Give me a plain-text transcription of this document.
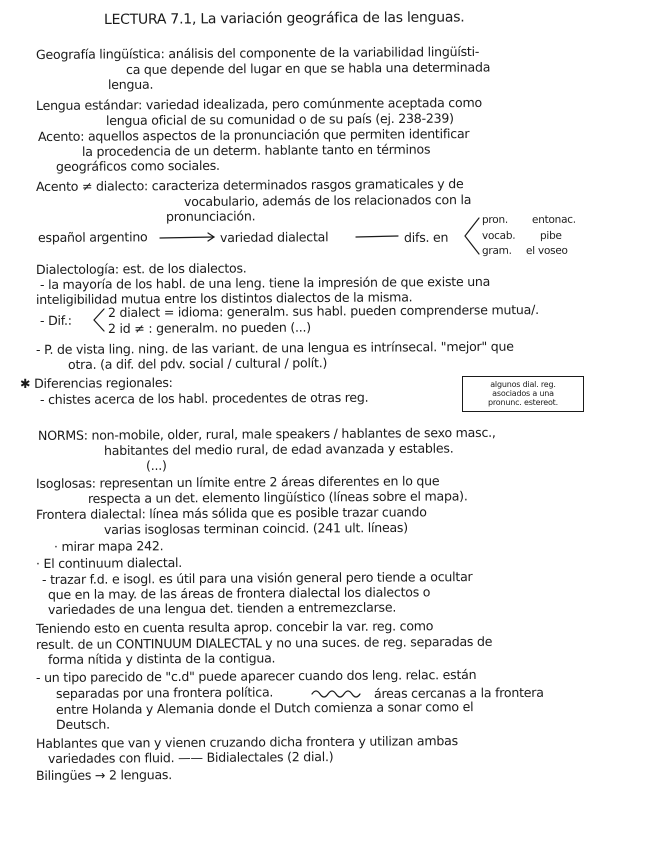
LECTURA 7.1, La variación geográfica de las lenguas.
Geografía lingüística: análisis del componente de la variabilidad lingüísti-
ca que depende del lugar en que se habla una determinada
lengua.
Lengua estándar: variedad idealizada, pero comúnmente aceptada como
lengua oficial de su comunidad o de su país (ej. 238-239)
Acento: aquellos aspectos de la pronunciación que permiten identificar
la procedencia de un determ. hablante tanto en términos
geográficos como sociales.
Acento ≠ dialecto: caracteriza determinados rasgos gramaticales y de
vocabulario, además de los relacionados con la
pronunciación.
español argentino	variedad dialectal	difs. en
pron. entonac.
vocab. pibe
gram. el voseo
Dialectología: est. de los dialectos.
- la mayoría de los habl. de una leng. tiene la impresión de que existe una
inteligibilidad mutua entre los distintos dialectos de la misma.
- Dif.:
2 dialect = idioma: generalm. sus habl. pueden comprenderse mutua/.
2 id ≠ : generalm. no pueden (...)
- P. de vista ling. ning. de las variant. de una lengua es intrínsecal. "mejor" que
otra. (a dif. del pdv. social / cultural / polít.)
✱ Diferencias regionales:
- chistes acerca de los habl. procedentes de otras reg.
algunos dial. reg.
asociados a una
pronunc. estereot.
NORMS: non-mobile, older, rural, male speakers / hablantes de sexo masc.,
habitantes del medio rural, de edad avanzada y estables.
(...)
Isoglosas: representan un límite entre 2 áreas diferentes en lo que
respecta a un det. elemento lingüístico (líneas sobre el mapa).
Frontera dialectal: línea más sólida que es posible trazar cuando
varias isoglosas terminan coincid. (241 ult. líneas)
· mirar mapa 242.
· El continuum dialectal.
- trazar f.d. e isogl. es útil para una visión general pero tiende a ocultar
que en la may. de las áreas de frontera dialectal los dialectos o
variedades de una lengua det. tienden a entremezclarse.
Teniendo esto en cuenta resulta aprop. concebir la var. reg. como
result. de un CONTINUUM DIALECTAL y no una suces. de reg. separadas de
forma nítida y distinta de la contigua.
- un tipo parecido de "c.d" puede aparecer cuando dos leng. relac. están
separadas por una frontera política.	áreas cercanas a la frontera
entre Holanda y Alemania donde el Dutch comienza a sonar como el
Deutsch.
Hablantes que van y vienen cruzando dicha frontera y utilizan ambas
variedades con fluid. —— Bidialectales (2 dial.)
Bilingües → 2 lenguas.
